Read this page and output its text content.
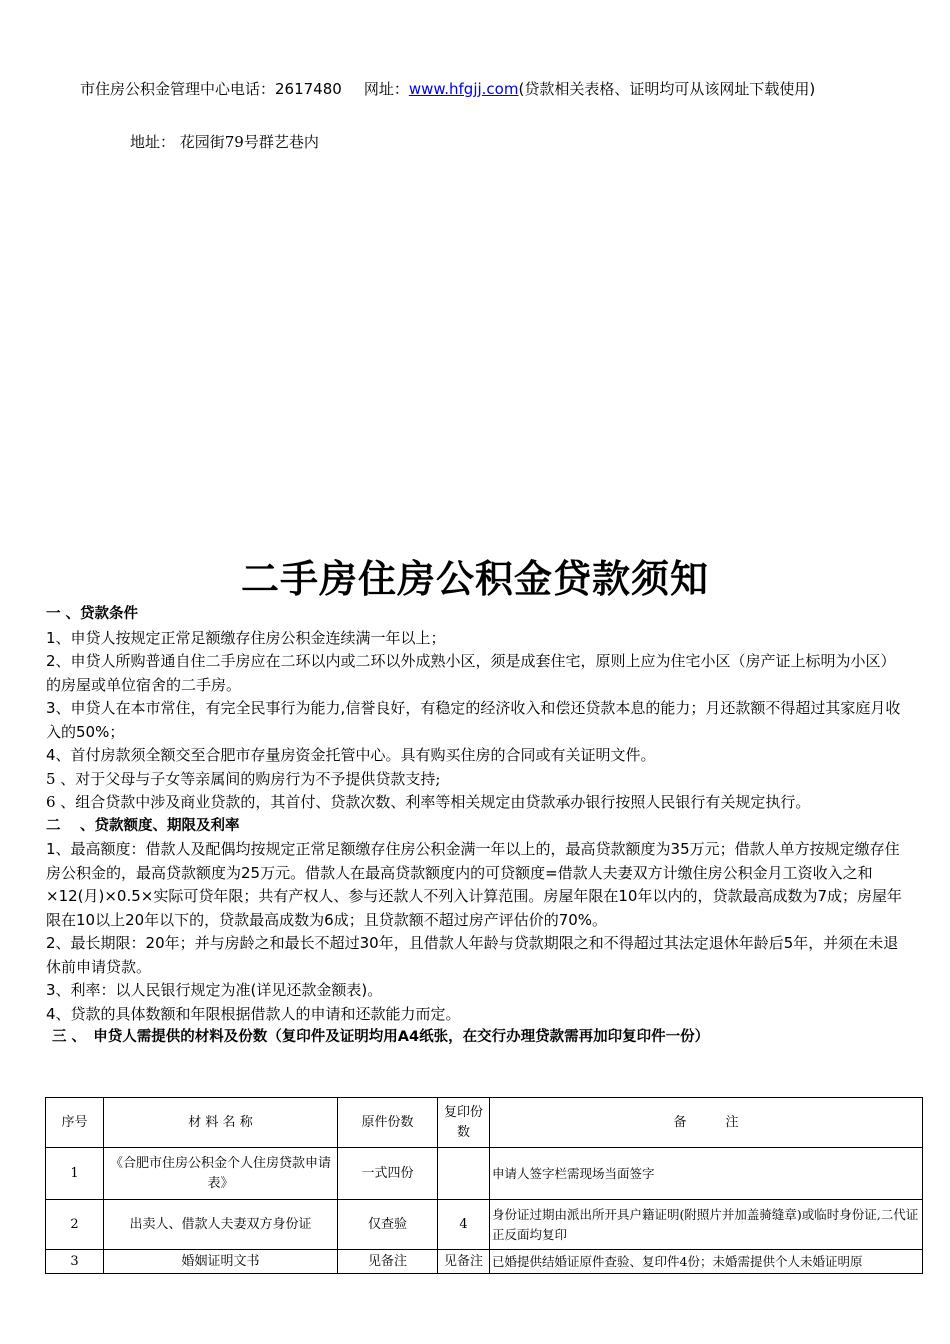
市住房公积金管理中心电话：2617480 网址：www.hfgjj.com(贷款相关表格、证明均可从该网址下载使用)
地址： 花园街79号群艺巷内
二手房住房公积金贷款须知

一 、贷款条件

1、申贷人按规定正常足额缴存住房公积金连续满一年以上；

2、申贷人所购普通自住二手房应在二环以内或二环以外成熟小区，须是成套住宅，原则上应为住宅小区（房产证上标明为小区）的房屋或单位宿舍的二手房。

3、申贷人在本市常住，有完全民事行为能力,信誉良好，有稳定的经济收入和偿还贷款本息的能力；月还款额不得超过其家庭月收入的50%；

4、首付房款须全额交至合肥市存量房资金托管中心。具有购买住房的合同或有关证明文件。

5 、对于父母与子女等亲属间的购房行为不予提供贷款支持;

6 、组合贷款中涉及商业贷款的，其首付、贷款次数、利率等相关规定由贷款承办银行按照人民银行有关规定执行。

二　 、贷款额度、期限及利率

1、最高额度：借款人及配偶均按规定正常足额缴存住房公积金满一年以上的，最高贷款额度为35万元；借款人单方按规定缴存住房公积金的，最高贷款额度为25万元。借款人在最高贷款额度内的可贷额度=借款人夫妻双方计缴住房公积金月工资收入之和×12(月)×0.5×实际可贷年限；共有产权人、参与还款人不列入计算范围。房屋年限在10年以内的，贷款最高成数为7成；房屋年限在10以上20年以下的，贷款最高成数为6成；且贷款额不超过房产评估价的70%。

2、最长期限：20年；并与房龄之和最长不超过30年，且借款人年龄与贷款期限之和不得超过其法定退休年龄后5年，并须在未退休前申请贷款。

3、利率：以人民银行规定为准(详见还款金额表)。

4、贷款的具体数额和年限根据借款人的申请和还款能力而定。

三 、　申贷人需提供的材料及份数（复印件及证明均用A4纸张，在交行办理贷款需再加印复印件一份）

序号	材 料 名 称	原件份数	复印份数	备　　　注
1	《合肥市住房公积金个人住房贷款申请表》	一式四份		申请人签字栏需现场当面签字
2	出卖人、借款人夫妻双方身份证	仅查验	4	身份证过期由派出所开具户籍证明(附照片并加盖骑缝章)或临时身份证,二代证正反面均复印
3	婚姻证明文书	见备注	见备注	已婚提供结婚证原件查验、复印件4份；未婚需提供个人未婚证明原
